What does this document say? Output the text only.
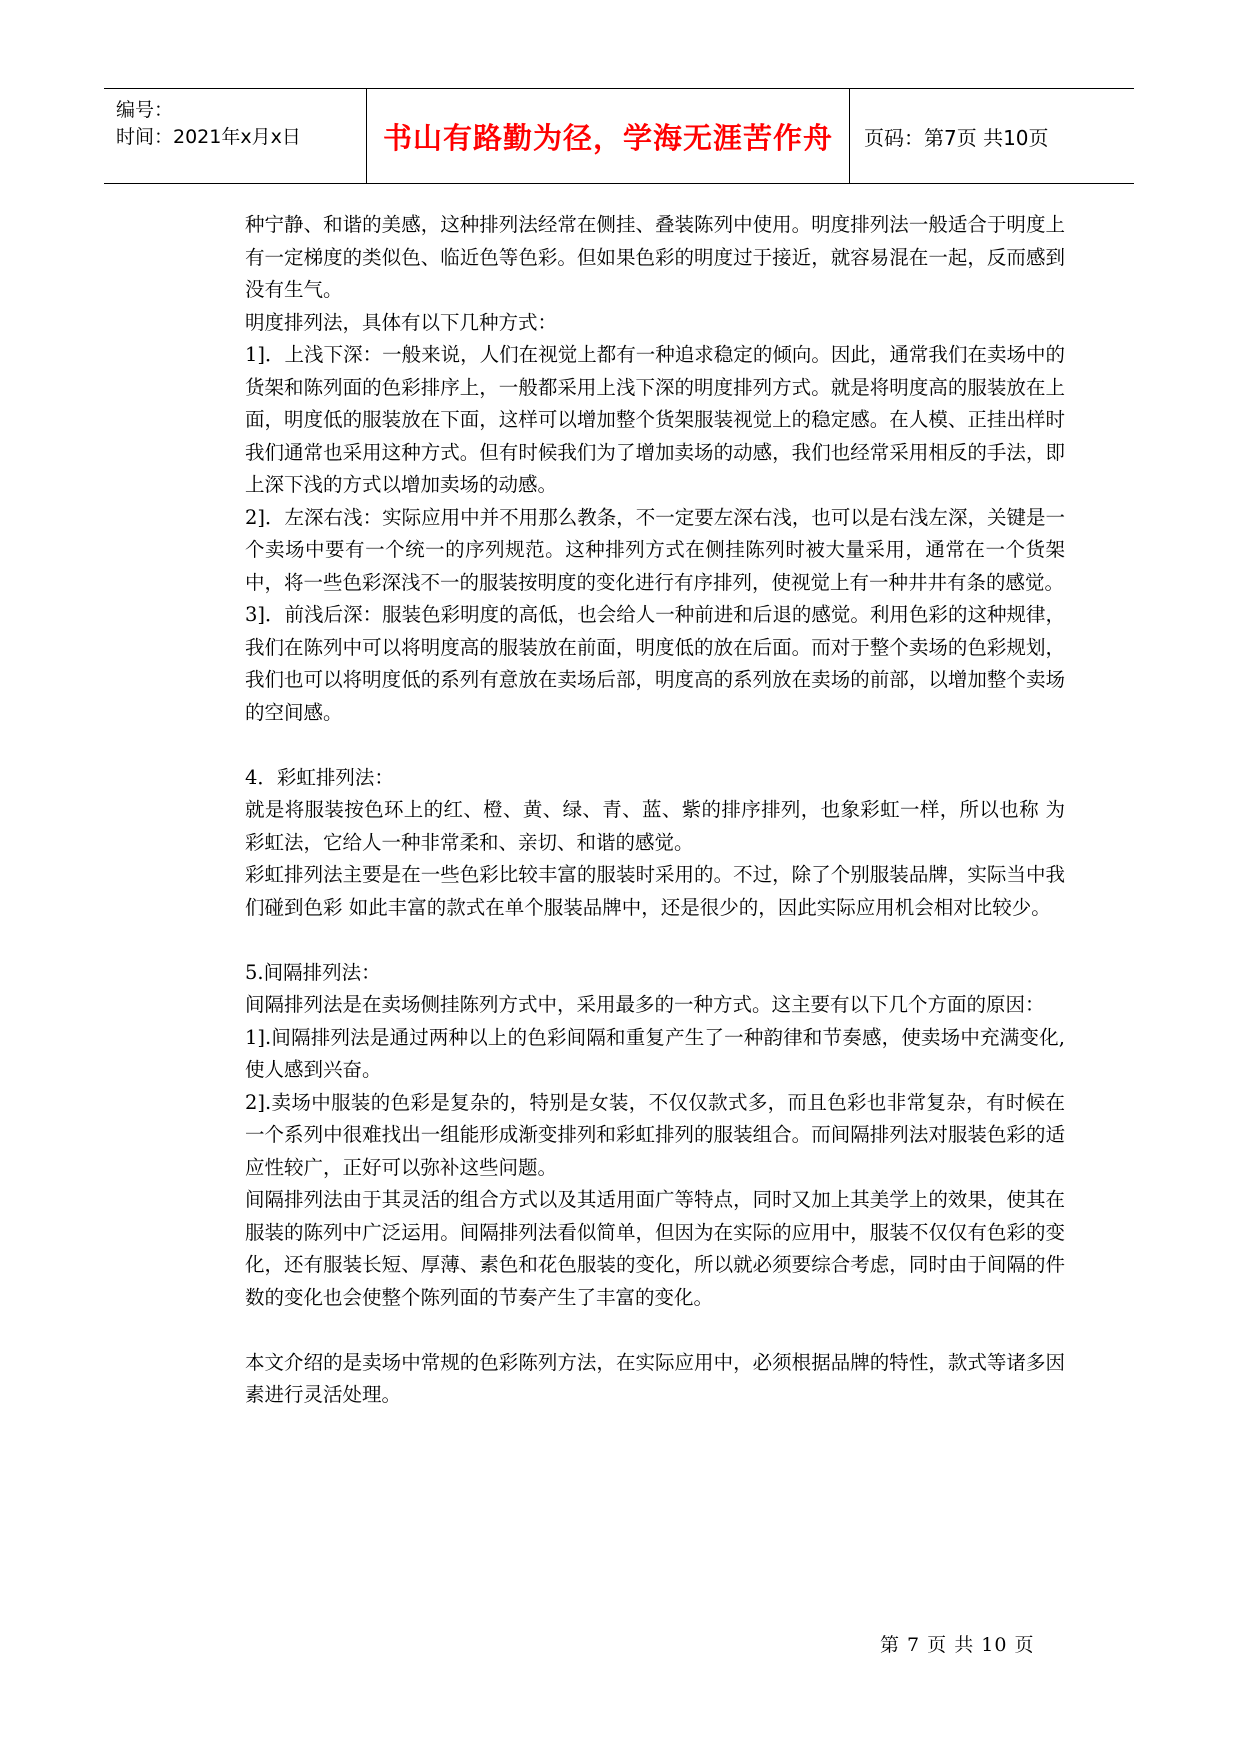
编号：
时间：2021年x月x日	书山有路勤为径，学海无涯苦作舟 页码：第7页 共10页

种宁静、和谐的美感，这种排列法经常在侧挂、叠装陈列中使用。明度排列法一般适合于明度上有一定梯度的类似色、临近色等色彩。但如果色彩的明度过于接近，就容易混在一起，反而感到没有生气。

明度排列法，具体有以下几种方式：

1]．上浅下深：一般来说，人们在视觉上都有一种追求稳定的倾向。因此，通常我们在卖场中的货架和陈列面的色彩排序上，一般都采用上浅下深的明度排列方式。就是将明度高的服装放在上面，明度低的服装放在下面，这样可以增加整个货架服装视觉上的稳定感。在人模、正挂出样时我们通常也采用这种方式。但有时候我们为了增加卖场的动感，我们也经常采用相反的手法，即上深下浅的方式以增加卖场的动感。

2]．左深右浅：实际应用中并不用那么教条，不一定要左深右浅，也可以是右浅左深，关键是一个卖场中要有一个统一的序列规范。这种排列方式在侧挂陈列时被大量采用，通常在一个货架中，将一些色彩深浅不一的服装按明度的变化进行有序排列，使视觉上有一种井井有条的感觉。

3]．前浅后深：服装色彩明度的高低，也会给人一种前进和后退的感觉。利用色彩的这种规律，我们在陈列中可以将明度高的服装放在前面，明度低的放在后面。而对于整个卖场的色彩规划，我们也可以将明度低的系列有意放在卖场后部，明度高的系列放在卖场的前部，以增加整个卖场的空间感。

4．彩虹排列法：

就是将服装按色环上的红、橙、黄、绿、青、蓝、紫的排序排列，也象彩虹一样，所以也称 为彩虹法，它给人一种非常柔和、亲切、和谐的感觉。

彩虹排列法主要是在一些色彩比较丰富的服装时采用的。不过，除了个别服装品牌，实际当中我们碰到色彩 如此丰富的款式在单个服装品牌中，还是很少的，因此实际应用机会相对比较少。

5.间隔排列法：

间隔排列法是在卖场侧挂陈列方式中，采用最多的一种方式。这主要有以下几个方面的原因：

1].间隔排列法是通过两种以上的色彩间隔和重复产生了一种韵律和节奏感，使卖场中充满变化, 使人感到兴奋。

2].卖场中服装的色彩是复杂的，特别是女装，不仅仅款式多，而且色彩也非常复杂，有时候在一个系列中很难找出一组能形成渐变排列和彩虹排列的服装组合。而间隔排列法对服装色彩的适应性较广，正好可以弥补这些问题。

间隔排列法由于其灵活的组合方式以及其适用面广等特点，同时又加上其美学上的效果，使其在服装的陈列中广泛运用。间隔排列法看似简单，但因为在实际的应用中，服装不仅仅有色彩的变化，还有服装长短、厚薄、素色和花色服装的变化，所以就必须要综合考虑，同时由于间隔的件数的变化也会使整个陈列面的节奏产生了丰富的变化。

本文介绍的是卖场中常规的色彩陈列方法，在实际应用中，必须根据品牌的特性，款式等诸多因素进行灵活处理。

第 7 页 共 10 页
